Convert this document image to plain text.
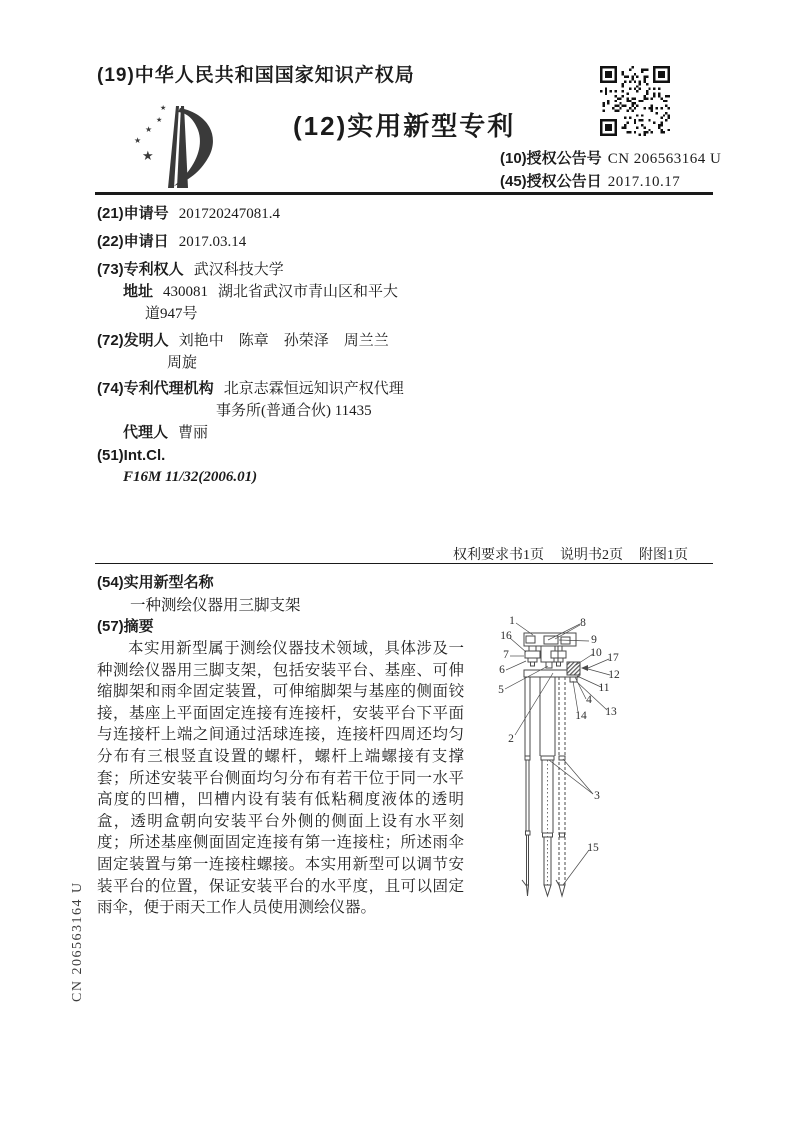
(19)中华人民共和国国家知识产权局
★
★
★
★
★
(12)实用新型专利
(10)授权公告号 CN 206563164 U
(45)授权公告日 2017.10.17
(21)申请号 201720247081.4
(22)申请日 2017.03.14
(73)专利权人 武汉科技大学
地址 430081 湖北省武汉市青山区和平大
道947号
(72)发明人 刘艳中　陈章　孙荣泽　周兰兰
周旋
(74)专利代理机构 北京志霖恒远知识产权代理
事务所(普通合伙) 11435
代理人 曹丽
(51)Int.Cl.
F16M 11/32(2006.01)
权利要求书1页 说明书2页 附图1页
(54)实用新型名称
一种测绘仪器用三脚支架
(57)摘要
本实用新型属于测绘仪器技术领域，具体涉及一种测绘仪器用三脚支架，包括安装平台、基座、可伸缩脚架和雨伞固定装置，可伸缩脚架与基座的侧面铰接，基座上平面固定连接有连接杆，安装平台下平面与连接杆上端之间通过活球连接，连接杆四周还均匀分布有三根竖直设置的螺杆，螺杆上端螺接有支撑套；所述安装平台侧面均匀分布有若干位于同一水平高度的凹槽，凹槽内设有装有低粘稠度液体的透明盒，透明盒朝向安装平台外侧的侧面上设有水平刻度；所述基座侧面固定连接有第一连接柱；所述雨伞固定装置与第一连接柱螺接。本实用新型可以调节安装平台的位置，保证安装平台的水平度，且可以固定雨伞，便于雨天工作人员使用测绘仪器。
1	8
16	9
7	10 17
6	12
5	11
4
13
14
2
3
15
CN 206563164 U
